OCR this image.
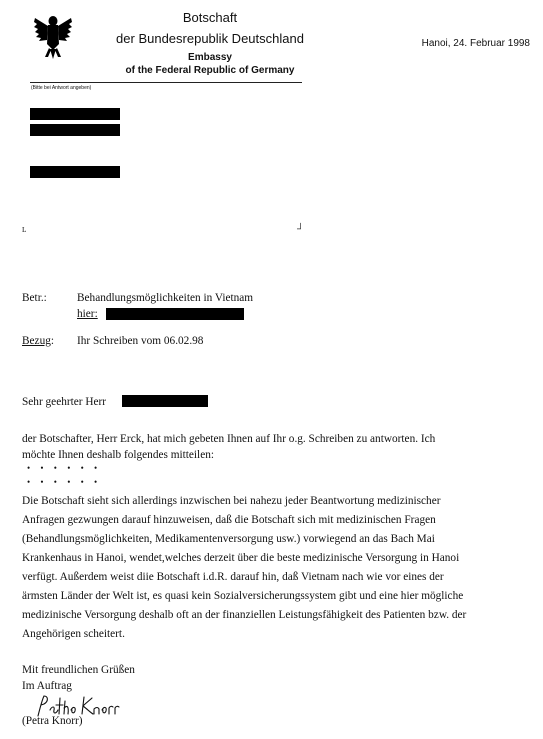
Botschaft
der Bundesrepublik Deutschland
Embassy
of the Federal Republic of Germany
Hanoi, 24. Februar 1998
(Bitte bei Antwort angeben)
ʟ	┘
Betr.:	Behandlungsmöglichkeiten in Vietnam
hier:
Bezug: Ihr Schreiben vom 06.02.98
Sehr geehrter Herr
der Botschafter, Herr Erck, hat mich gebeten Ihnen auf Ihr o.g. Schreiben zu antworten. Ich
möchte Ihnen deshalb folgendes mitteilen:
• • • • • •
• • • • • •
Die Botschaft sieht sich allerdings inzwischen bei nahezu jeder Beantwortung medizinischer
Anfragen gezwungen darauf hinzuweisen, daß die Botschaft sich mit medizinischen Fragen
(Behandlungsmöglichkeiten, Medikamentenversorgung usw.) vorwiegend an das Bach Mai
Krankenhaus in Hanoi, wendet,welches derzeit über die beste medizinische Versorgung in Hanoi
verfügt. Außerdem weist diie Botschaft i.d.R. darauf hin, daß Vietnam nach wie vor eines der
ärmsten Länder der Welt ist, es quasi kein Sozialversicherungssystem gibt und eine hier mögliche
medizinische Versorgung deshalb oft an der finanziellen Leistungsfähigkeit des Patienten bzw. der
Angehörigen scheitert.
Mit freundlichen Grüßen
Im Auftrag
(Petra Knorr)
